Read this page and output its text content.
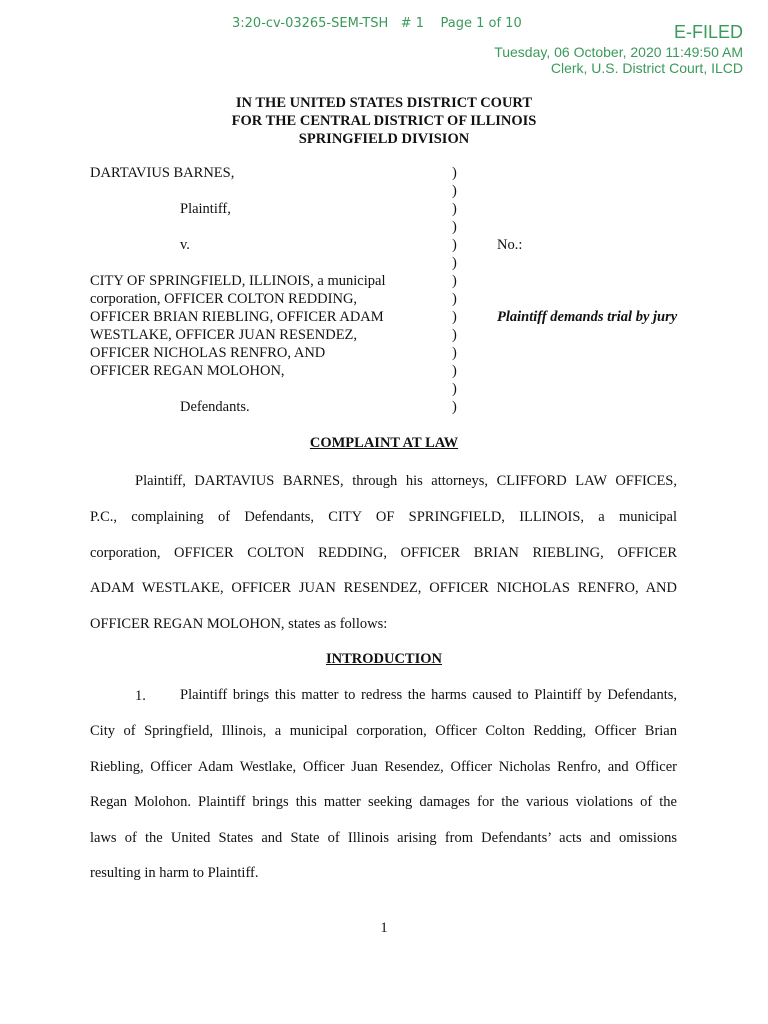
3:20-cv-03265-SEM-TSH # 1 Page 1 of 10	E-FILED
Tuesday, 06 October, 2020 11:49:50 AM
Clerk, U.S. District Court, ILCD
IN THE UNITED STATES DISTRICT COURT
FOR THE CENTRAL DISTRICT OF ILLINOIS
SPRINGFIELD DIVISION
DARTAVIUS BARNES,
Plaintiff,
v.
CITY OF SPRINGFIELD, ILLINOIS, a municipal
corporation, OFFICER COLTON REDDING,
OFFICER BRIAN RIEBLING, OFFICER ADAM
WESTLAKE, OFFICER JUAN RESENDEZ,
OFFICER NICHOLAS RENFRO, AND
OFFICER REGAN MOLOHON,
Defendants.
)
)
)
)
)
)
)
)
)
)
)
)
)
)
No.:
Plaintiff demands trial by jury
COMPLAINT AT LAW
Plaintiff, DARTAVIUS BARNES, through his attorneys, CLIFFORD LAW OFFICES,
P.C., complaining of Defendants, CITY OF SPRINGFIELD, ILLINOIS, a municipal
corporation, OFFICER COLTON REDDING, OFFICER BRIAN RIEBLING, OFFICER
ADAM WESTLAKE, OFFICER JUAN RESENDEZ, OFFICER NICHOLAS RENFRO, AND
OFFICER REGAN MOLOHON, states as follows:
INTRODUCTION
1. Plaintiff brings this matter to redress the harms caused to Plaintiff by Defendants,
City of Springfield, Illinois, a municipal corporation, Officer Colton Redding, Officer Brian
Riebling, Officer Adam Westlake, Officer Juan Resendez, Officer Nicholas Renfro, and Officer
Regan Molohon. Plaintiff brings this matter seeking damages for the various violations of the
laws of the United States and State of Illinois arising from Defendants’ acts and omissions
resulting in harm to Plaintiff.
1
